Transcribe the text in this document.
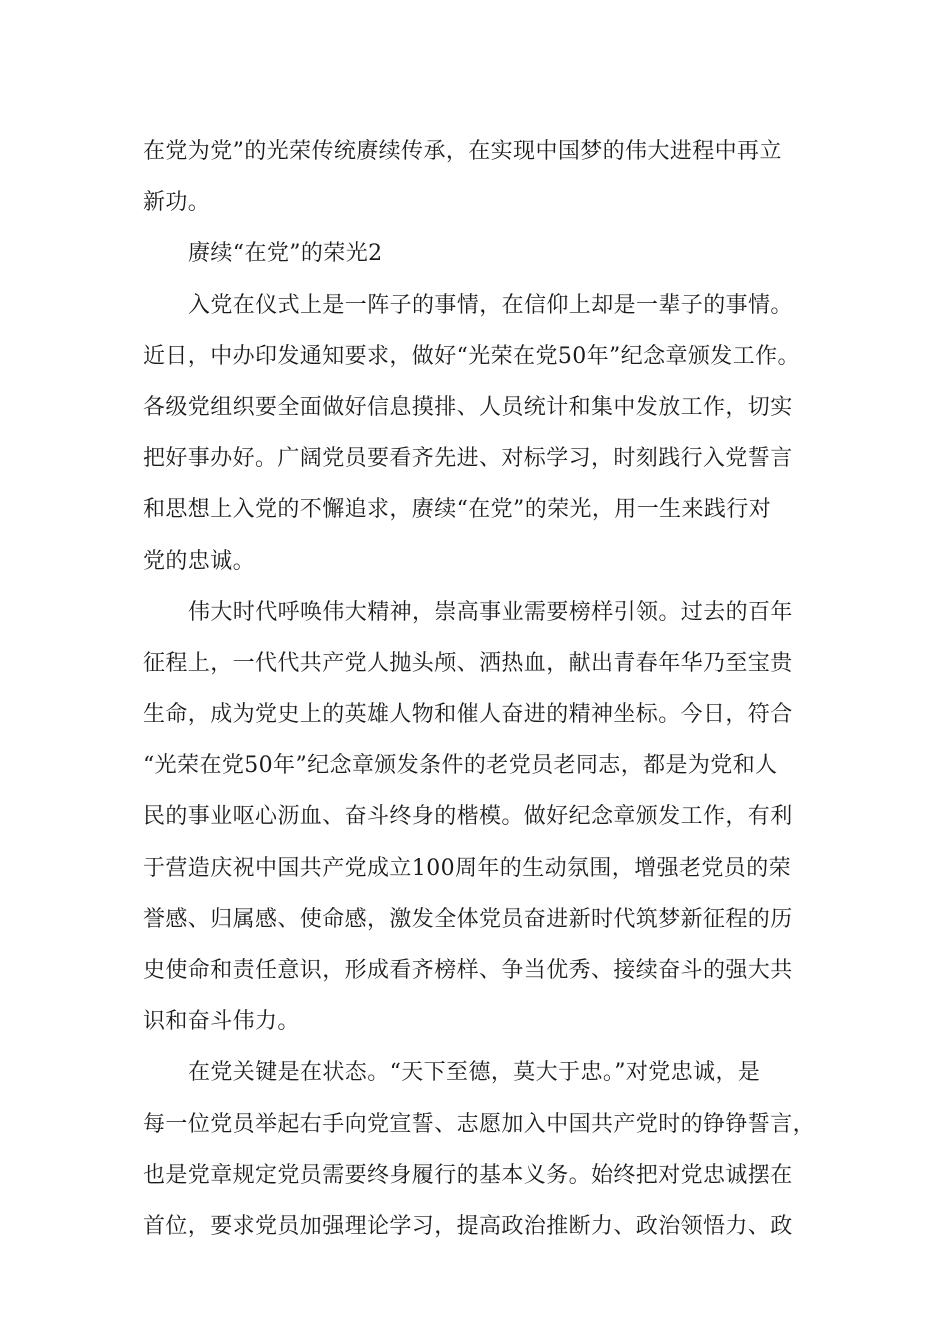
在党为党”的光荣传统赓续传承，在实现中国梦的伟大进程中再立
新功。
赓续“在党”的荣光2
入党在仪式上是一阵子的事情，在信仰上却是一辈子的事情。
近日，中办印发通知要求，做好“光荣在党50年”纪念章颁发工作。
各级党组织要全面做好信息摸排、人员统计和集中发放工作，切实
把好事办好。广阔党员要看齐先进、对标学习，时刻践行入党誓言
和思想上入党的不懈追求，赓续“在党”的荣光，用一生来践行对
党的忠诚。
伟大时代呼唤伟大精神，崇高事业需要榜样引领。过去的百年
征程上，一代代共产党人抛头颅、洒热血，献出青春年华乃至宝贵
生命，成为党史上的英雄人物和催人奋进的精神坐标。今日，符合
“光荣在党50年”纪念章颁发条件的老党员老同志，都是为党和人
民的事业呕心沥血、奋斗终身的楷模。做好纪念章颁发工作，有利
于营造庆祝中国共产党成立100周年的生动氛围，增强老党员的荣
誉感、归属感、使命感，激发全体党员奋进新时代筑梦新征程的历
史使命和责任意识，形成看齐榜样、争当优秀、接续奋斗的强大共
识和奋斗伟力。
在党关键是在状态。“天下至德，莫大于忠。”对党忠诚，是
每一位党员举起右手向党宣誓、志愿加入中国共产党时的铮铮誓言，
也是党章规定党员需要终身履行的基本义务。始终把对党忠诚摆在
首位，要求党员加强理论学习，提高政治推断力、政治领悟力、政
